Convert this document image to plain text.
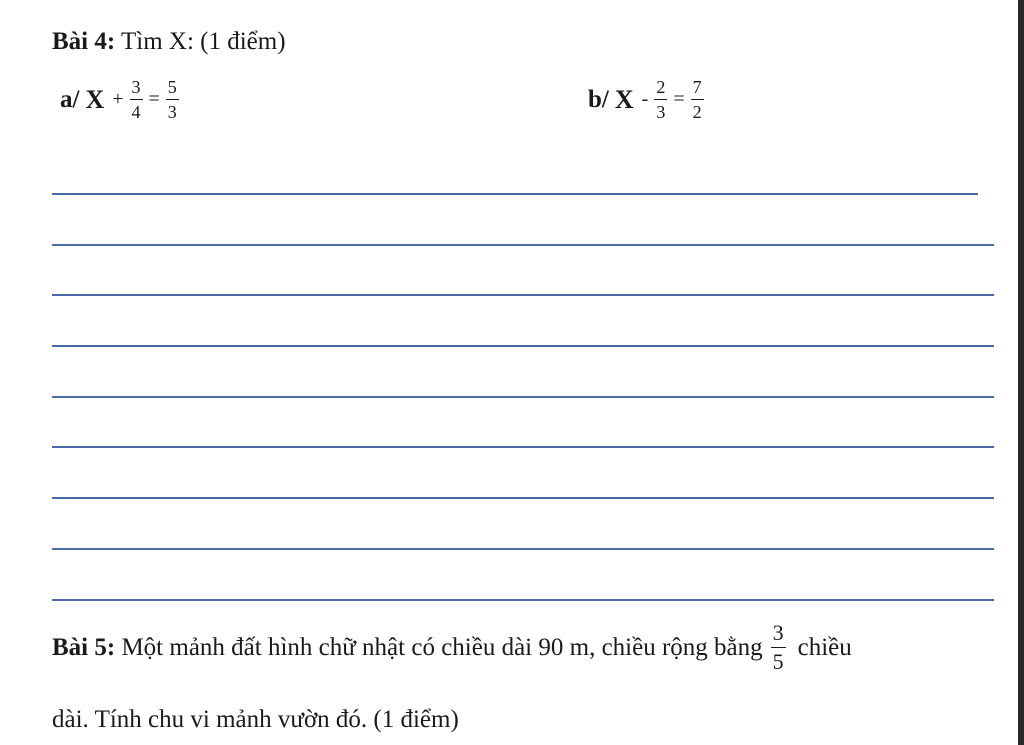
Bài 4: Tìm X: (1 điểm)
a/ $X + \frac{3}{4} = \frac{5}{3}$	b/ $X - \frac{2}{3} = \frac{7}{2}$
Bài 5: Một mảnh đất hình chữ nhật có chiều dài 90 m, chiều rộng bằng $\frac{3}{5}$ chiều
dài. Tính chu vi mảnh vườn đó. (1 điểm)
